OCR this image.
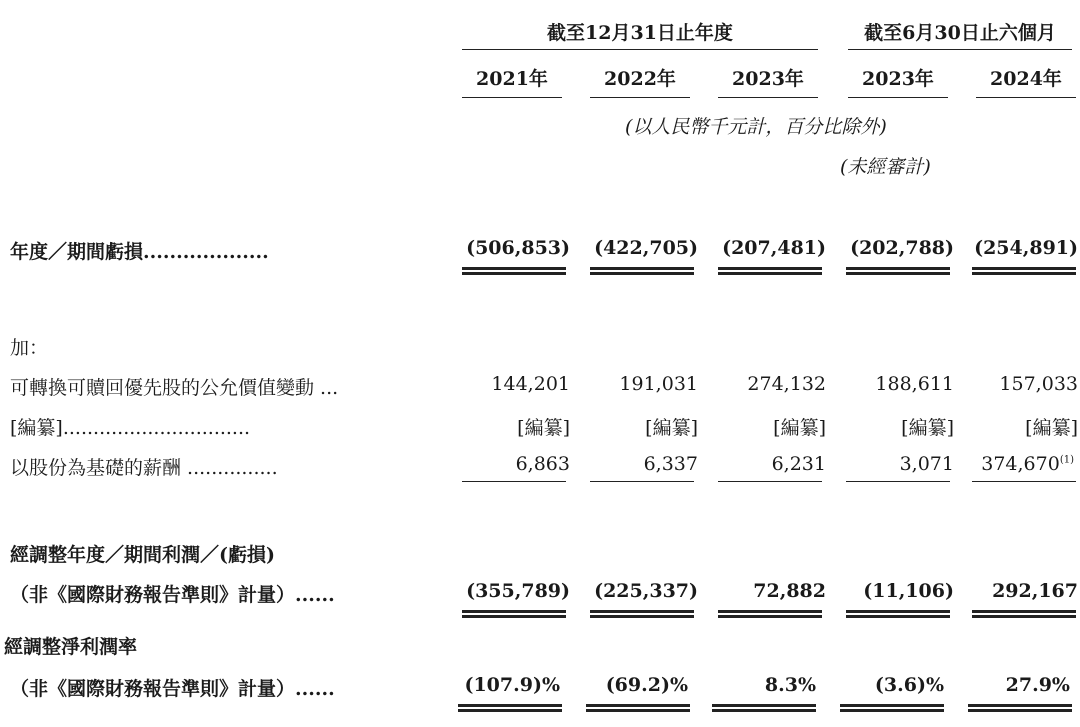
截至12月31日止年度	截至6月30日止六個月
2021年	2022年	2023年	2023年	2024年
(以人民幣千元計，百分比除外)
(未經審計)
年度／期間虧損...................	(506,853)	(422,705)	(207,481)	(202,788)	(254,891)
加：
可轉換可贖回優先股的公允價值變動 ...	144,201	191,031	274,132	188,611	157,033
[編纂]...............................	[編纂]	[編纂]	[編纂]	[編纂]	[編纂]
以股份為基礎的薪酬 ...............	6,863	6,337	6,231	3,071	374,670$^{(1)}$
經調整年度／期間利潤／(虧損)
（非《國際財務報告準則》計量）......	(355,789)	(225,337)	72,882	(11,106)	292,167
經調整淨利潤率
（非《國際財務報告準則》計量）......	(107.9)%	(69.2)%	8.3%	(3.6)%	27.9%
